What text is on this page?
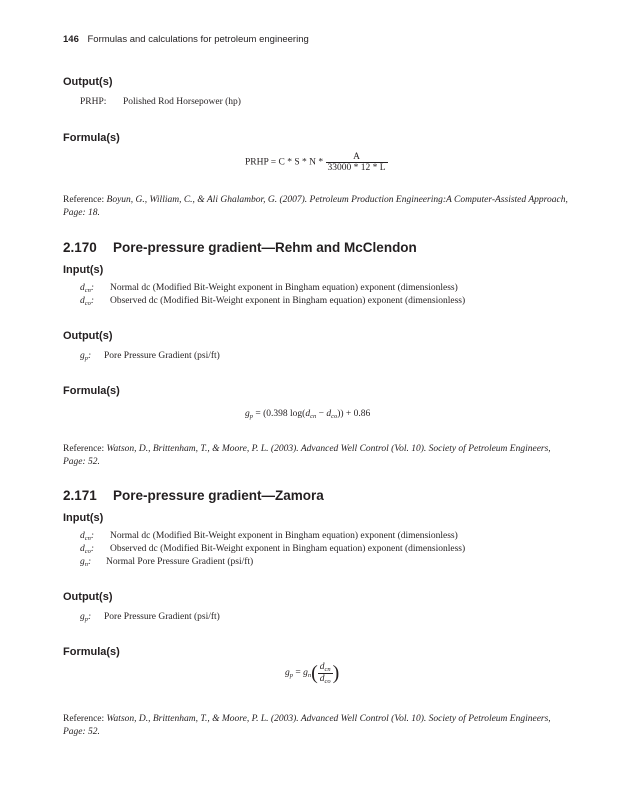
146 Formulas and calculations for petroleum engineering
Output(s)
PRHP: Polished Rod Horsepower (hp)
Formula(s)
PRHP = C * S * N * $\frac{A}{33000 * 12 * L}$
Reference: Boyun, G., William, C., & Ali Ghalambor, G. (2007). Petroleum Production Engineering:A Computer-Assisted Approach, Page: 18.
2.170 Pore-pressure gradient—Rehm and McClendon
Input(s)
$d_{cn}$: Normal dc (Modified Bit-Weight exponent in Bingham equation) exponent (dimensionless)
$d_{co}$: Observed dc (Modified Bit-Weight exponent in Bingham equation) exponent (dimensionless)
Output(s)
$g_p$: Pore Pressure Gradient (psi/ft)
Formula(s)
$g_p = (0.398$ $\log(d_{cn} - d_{co})) + 0.86$
Reference: Watson, D., Brittenham, T., & Moore, P. L. (2003). Advanced Well Control (Vol. 10). Society of Petroleum Engineers, Page: 52.
2.171 Pore-pressure gradient—Zamora
Input(s)
$d_{cn}$: Normal dc (Modified Bit-Weight exponent in Bingham equation) exponent (dimensionless)
$d_{co}$: Observed dc (Modified Bit-Weight exponent in Bingham equation) exponent (dimensionless)
$g_n$: Normal Pore Pressure Gradient (psi/ft)
Output(s)
$g_p$: Pore Pressure Gradient (psi/ft)
Formula(s)
$g_p = g_n( \frac{d_{cn}}{d_{co}}$ )
Reference: Watson, D., Brittenham, T., & Moore, P. L. (2003). Advanced Well Control (Vol. 10). Society of Petroleum Engineers, Page: 52.
